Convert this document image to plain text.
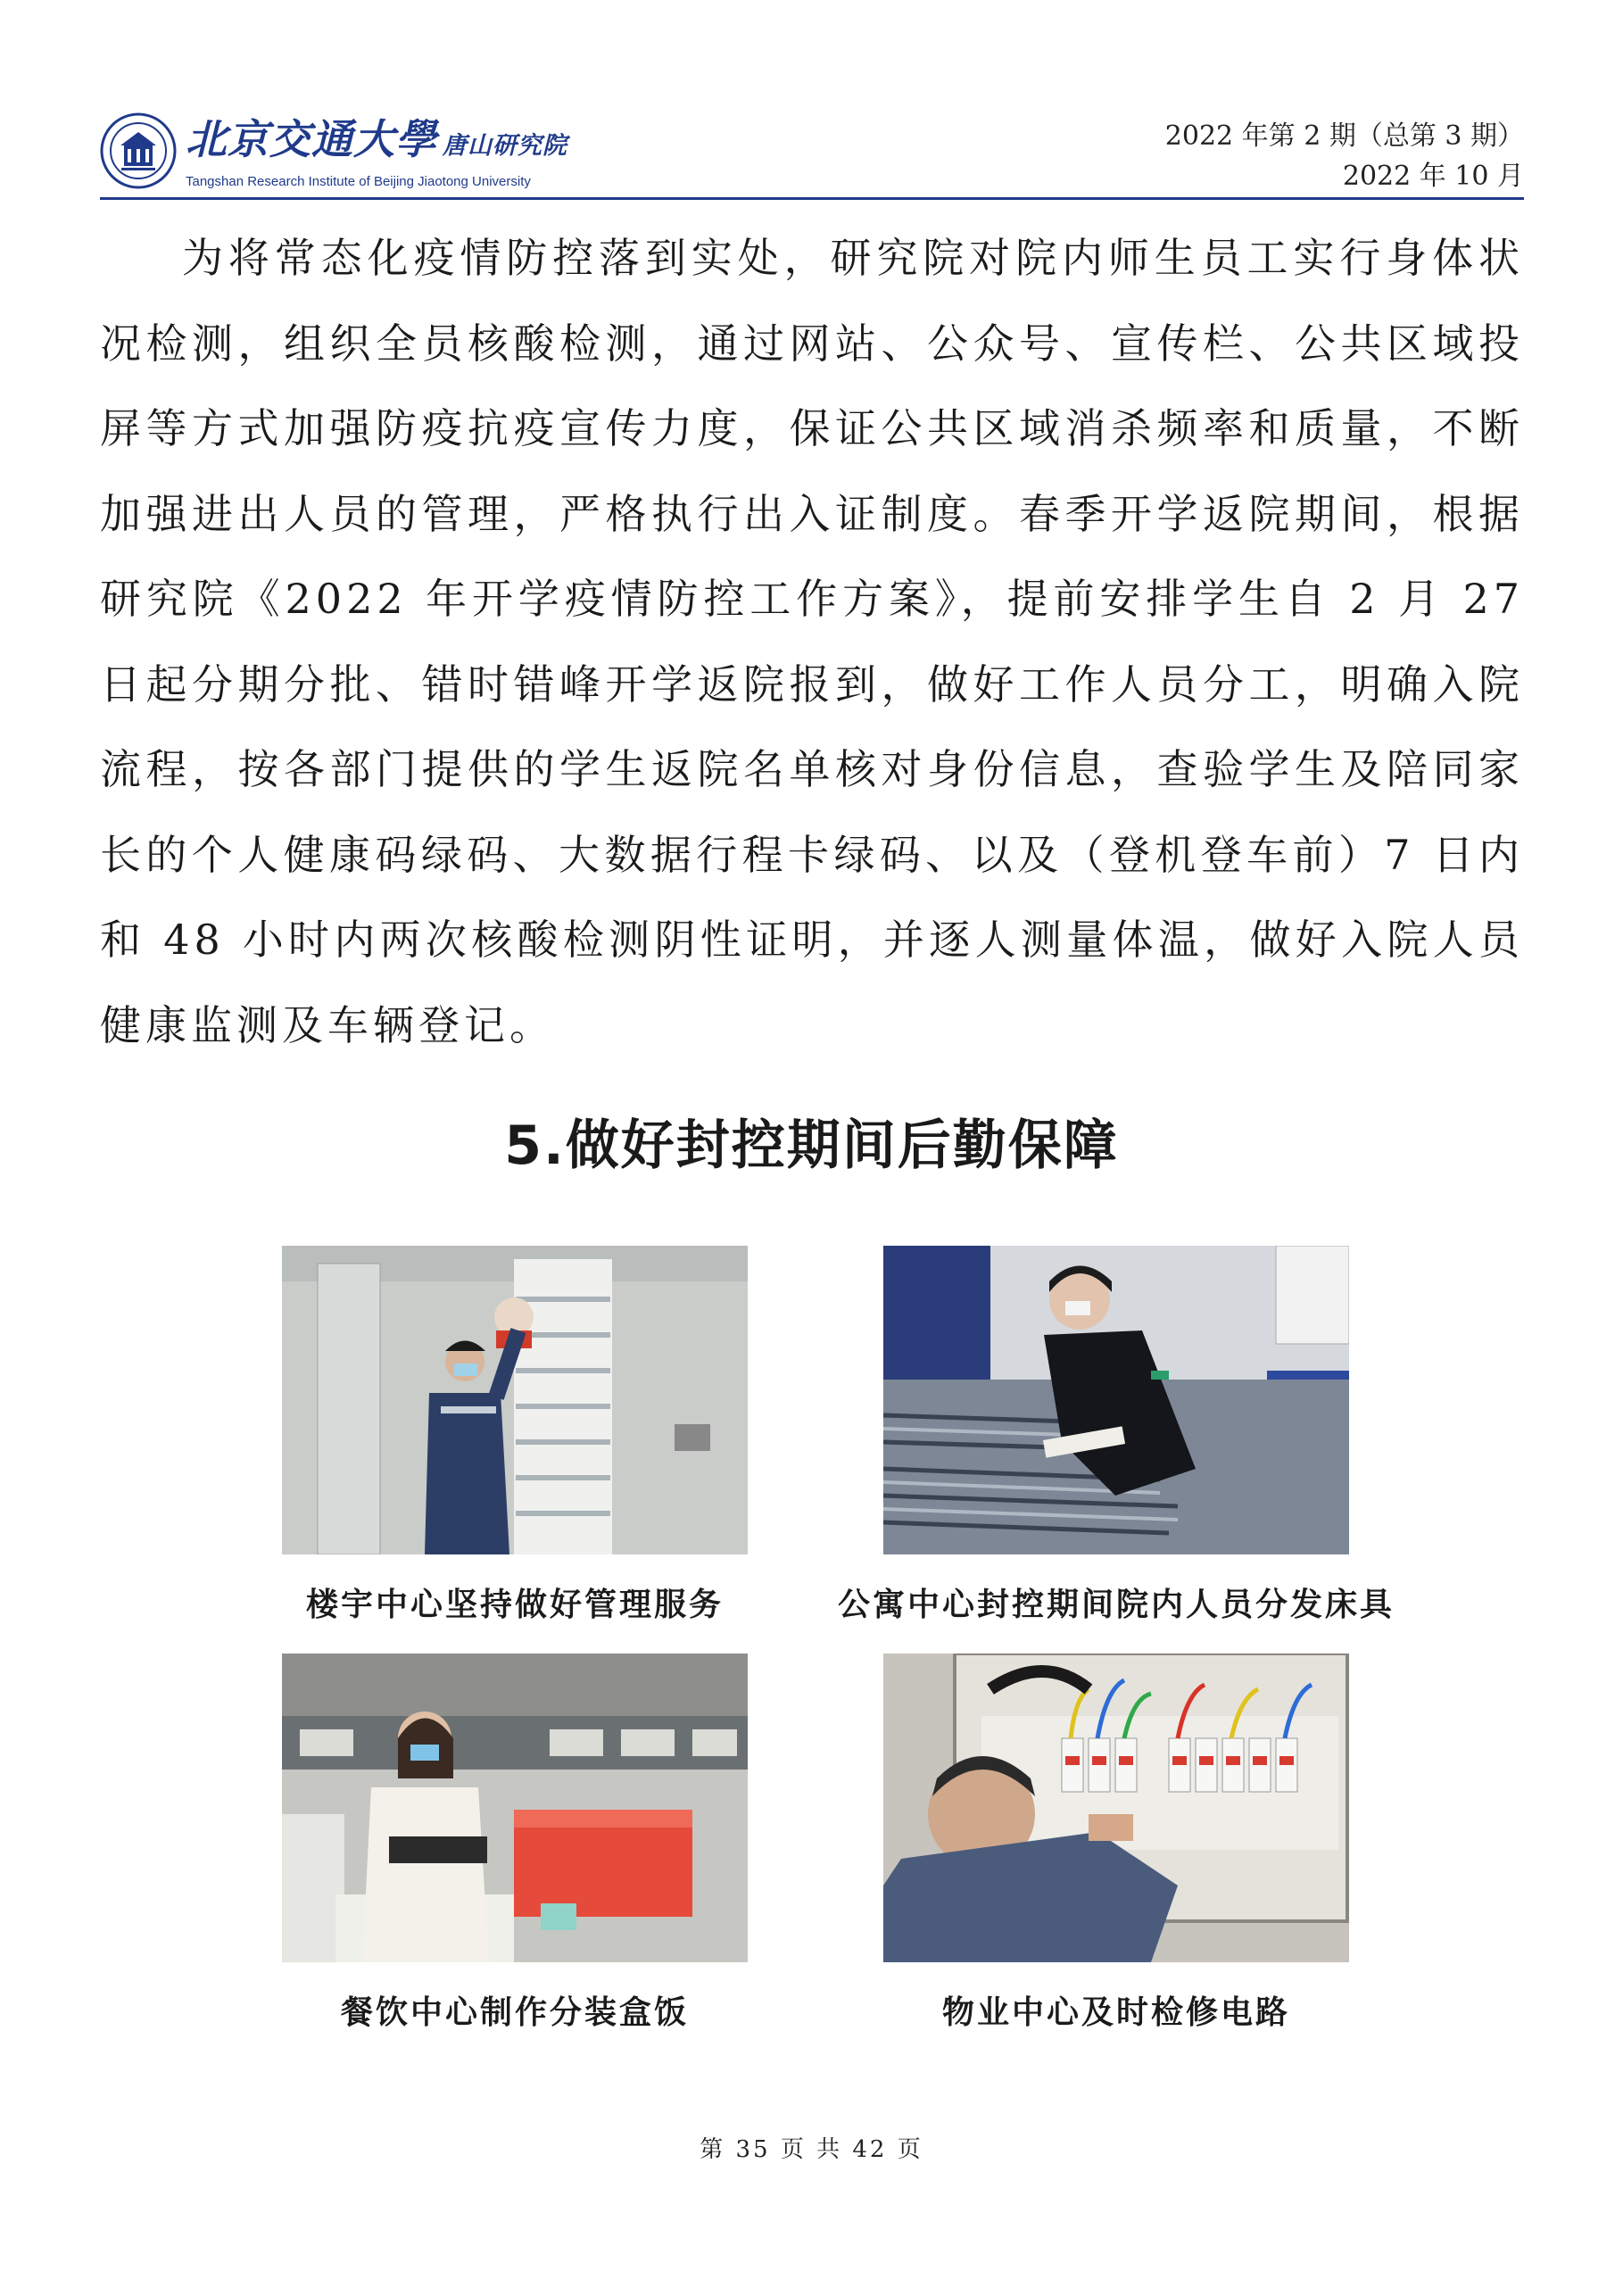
北京交通大學 唐山研究院
Tangshan Research Institute of Beijing Jiaotong University
2022 年第 2 期（总第 3 期）
2022 年 10 月

为将常态化疫情防控落到实处，研究院对院内师生员工实行身体状况检测，组织全员核酸检测，通过网站、公众号、宣传栏、公共区域投屏等方式加强防疫抗疫宣传力度，保证公共区域消杀频率和质量，不断加强进出人员的管理，严格执行出入证制度。春季开学返院期间，根据研究院《2022 年开学疫情防控工作方案》，提前安排学生自 2 月 27 日起分期分批、错时错峰开学返院报到，做好工作人员分工，明确入院流程，按各部门提供的学生返院名单核对身份信息，查验学生及陪同家长的个人健康码绿码、大数据行程卡绿码、以及（登机登车前）7 日内和 48 小时内两次核酸检测阴性证明，并逐人测量体温，做好入院人员健康监测及车辆登记。

5.做好封控期间后勤保障
楼宇中心坚持做好管理服务	公寓中心封控期间院内人员分发床具
餐饮中心制作分装盒饭	物业中心及时检修电路
第 35 页 共 42 页
